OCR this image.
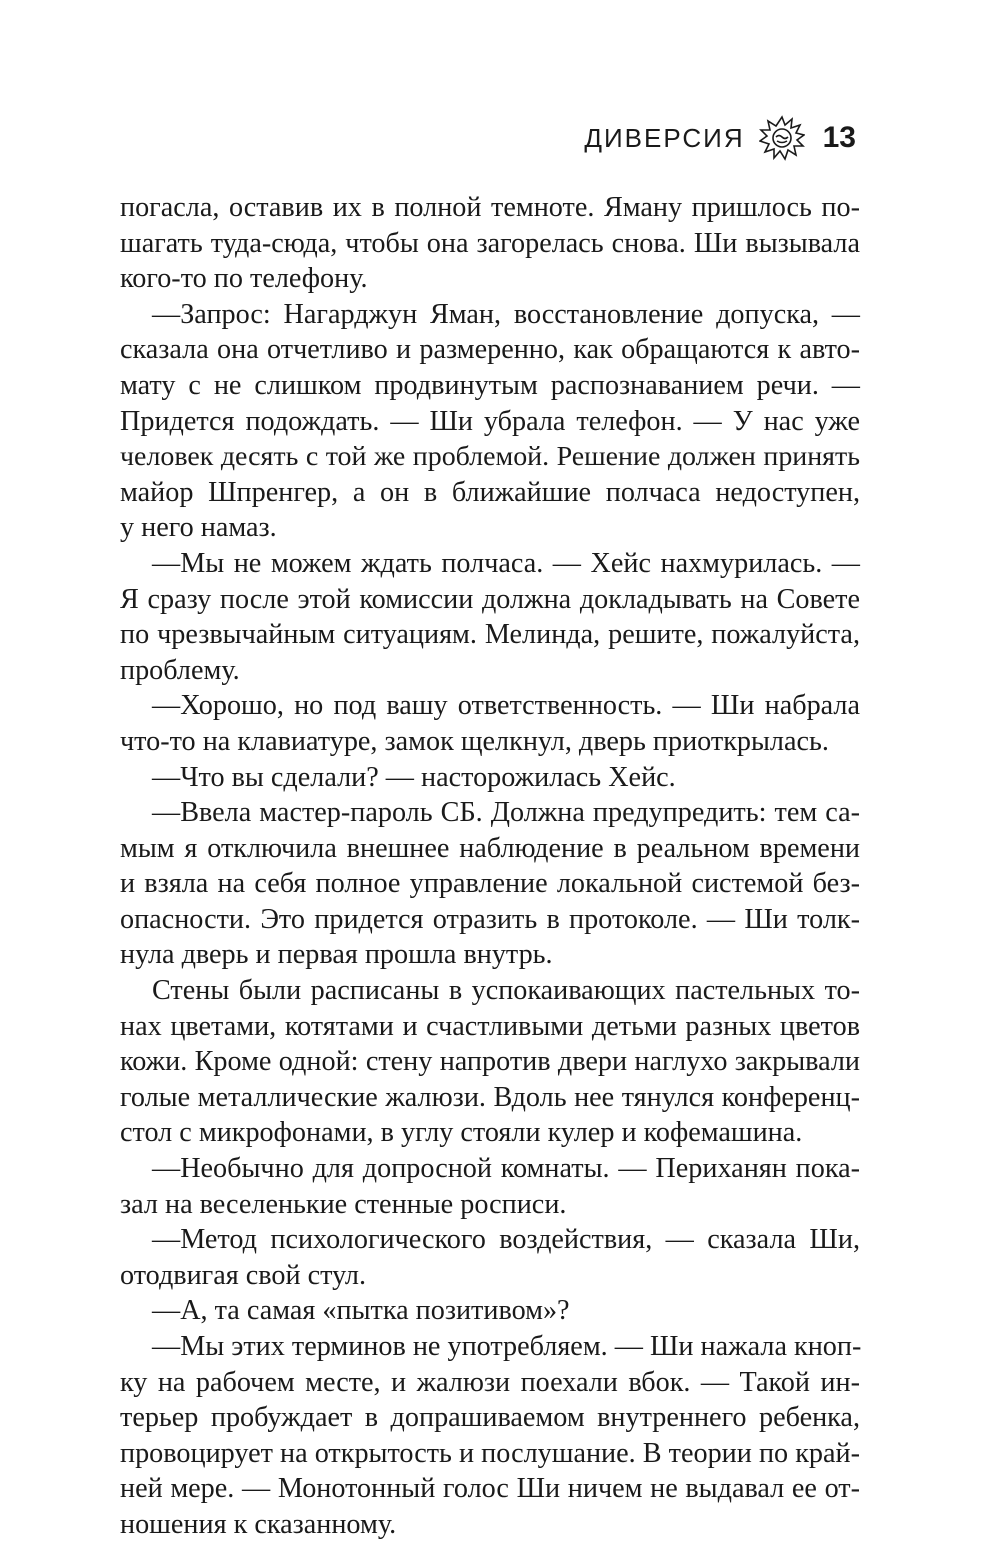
ДИВЕРСИЯ	13
погасла, оставив их в полной темноте. Яману пришлось по-
шагать туда-сюда, чтобы она загорелась снова. Ши вызывала
кого-то по телефону.
—Запрос: Нагарджун Яман, восстановление допуска, —
сказала она отчетливо и размеренно, как обращаются к авто-
мату с не слишком продвинутым распознаванием речи. —
Придется подождать. — Ши убрала телефон. — У нас уже
человек десять с той же проблемой. Решение должен принять
майор Шпренгер, а он в ближайшие полчаса недоступен,
у него намаз.
—Мы не можем ждать полчаса. — Хейс нахмурилась. —
Я сразу после этой комиссии должна докладывать на Совете
по чрезвычайным ситуациям. Мелинда, решите, пожалуйста,
проблему.
—Хорошо, но под вашу ответственность. — Ши набрала
что-то на клавиатуре, замок щелкнул, дверь приоткрылась.
—Что вы сделали? — насторожилась Хейс.
—Ввела мастер-пароль СБ. Должна предупредить: тем са-
мым я отключила внешнее наблюдение в реальном времени
и взяла на себя полное управление локальной системой без-
опасности. Это придется отразить в протоколе. — Ши толк-
нула дверь и первая прошла внутрь.
Стены были расписаны в успокаивающих пастельных то-
нах цветами, котятами и счастливыми детьми разных цветов
кожи. Кроме одной: стену напротив двери наглухо закрывали
голые металлические жалюзи. Вдоль нее тянулся конференц-
стол с микрофонами, в углу стояли кулер и кофемашина.
—Необычно для допросной комнаты. — Периханян пока-
зал на веселенькие стенные росписи.
—Метод психологического воздействия, — сказала Ши,
отодвигая свой стул.
—А, та самая «пытка позитивом»?
—Мы этих терминов не употребляем. — Ши нажала кноп-
ку на рабочем месте, и жалюзи поехали вбок. — Такой ин-
терьер пробуждает в допрашиваемом внутреннего ребенка,
провоцирует на открытость и послушание. В теории по край-
ней мере. — Монотонный голос Ши ничем не выдавал ее от-
ношения к сказанному.
